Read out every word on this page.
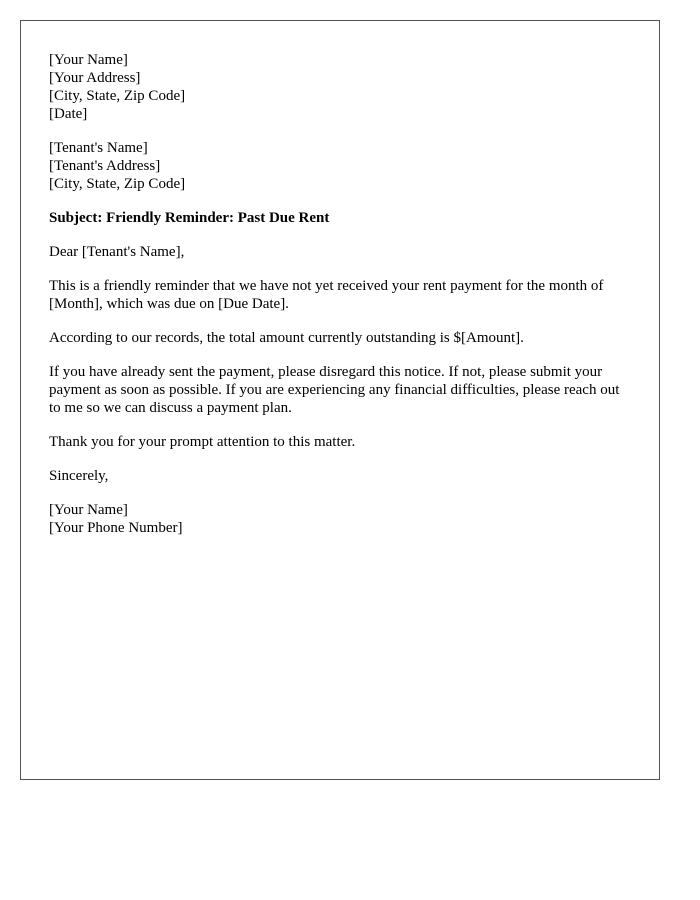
[Your Name]
[Your Address]
[City, State, Zip Code]
[Date]
[Tenant's Name]
[Tenant's Address]
[City, State, Zip Code]

Subject: Friendly Reminder: Past Due Rent

Dear [Tenant's Name],

This is a friendly reminder that we have not yet received your rent payment for the month of [Month], which was due on [Due Date].

According to our records, the total amount currently outstanding is $[Amount].

If you have already sent the payment, please disregard this notice. If not, please submit your payment as soon as possible. If you are experiencing any financial difficulties, please reach out to me so we can discuss a payment plan.

Thank you for your prompt attention to this matter.

Sincerely,

[Your Name]
[Your Phone Number]
